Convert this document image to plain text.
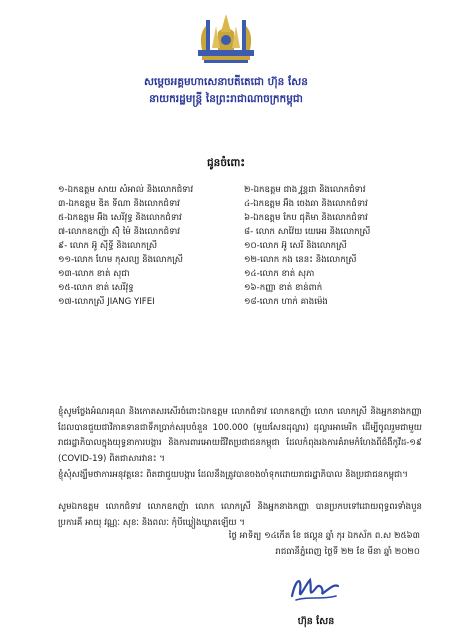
សម្តេចអគ្គមហាសេនាបតីតេជោ ហ៊ុន សែន
នាយករដ្ឋមន្ត្រី នៃព្រះរាជាណាចក្រកម្ពុជា
ជូនចំពោះ
១-ឯកឧត្តម សាយ សំអាល់ និងលោកជំទាវ	២-ឯកឧត្តម ជាង វុន្ណដា និងលោកជំទាវ
៣-ឯកឧត្តម ឌិត ទីណា និងលោកជំទាវ	៤-ឯកឧត្តម អ៊ឹង ចេងឆា និងលោកជំទាវ
៥-ឯកឧត្តម អ៊ឹង សេរីវុទ្ធ និងលោកជំទាវ	៦-ឯកឧត្តម កែប ជុតិមា និងលោកជំទាវ
៧-លោកឧកញ៉ា ស៊ុំ ម៉ៃ និងលោកជំទាវ	៨- លោក សាវ៉ៃយ យេអេរ និងលោកស្រី
៩- លោក អ៊ូ ស៊ីទ្ធី និងលោកស្រី	១០-លោក អ៊ូ សេរី និងលោកស្រី
១១-លោក ហែម កុសល្យ និងលោកស្រី	១២-លោក កង នេនះ និងលោកស្រី
១៣-លោក ខាត់ សុជា	១៤-លោក ខាត់ សុភា
១៥-លោក ខាត់ សេរីវុទ្ធ	១៦-កញ្ញា ខាត់ ខាន់ពាក់
១៧-លោកស្រី JIANG YIFEI	១៨-លោក ហាក់ គាងម៉េង
ខ្ញុំសូមថ្លែងអំណរគុណ និងកោតសរសើរចំពោះឯកឧត្តម លោកជំទាវ លោកឧកញ៉ា លោក លោកស្រី និងអ្នកនាងកញ្ញា ដែលបានជួយជាវិភាគទានជាទឹកប្រាក់សរុបចំនួន 100.000 (មួយសែនដុល្លារ) ដុល្លារអាមេរិក ដើម្បីចូលរួមជាមួយរាជរដ្ឋាភិបាលក្នុងយុទ្ធនាការបង្ការ និងការពារអោយជីវិតប្រជាជនកម្ពុជា ដែលកំពុងរងការគំរាមកំហែងពីជំងឺកូវីដ-១៩ (COVID-19) ពិតជាសារវានះ ។
ខ្ញុំសុំសង្ឃឹមថាការអនុវត្តនេះ ពិតជាជួយបង្ការ ដែលនឹងត្រូវបានចងចាំទុកដោយរាជរដ្ឋាភិបាល និងប្រជាជនកម្ពុជា។
សូមឯកឧត្តម លោកជំទាវ លោកឧកញ៉ា លោក លោកស្រី និងអ្នកនាងកញ្ញា បានប្រកបទៅដោយពុទ្ធពរទាំងបួនប្រការគឺ អាយុ វណ្ណៈ សុខៈ និងពលៈ កុំបីឃ្លៀងឃ្លាតឡើយ ។
ថ្ងៃ អាទិត្យ ១៤កើត ខែ ផល្គុន ឆ្នាំ កុរ ឯកស័ក ព.ស ២៥៦៣
រាជធានីភ្នំពេញ ថ្ងៃទី ២២ ខែ មីនា ឆ្នាំ ២០២០
ហ៊ុន សែន
